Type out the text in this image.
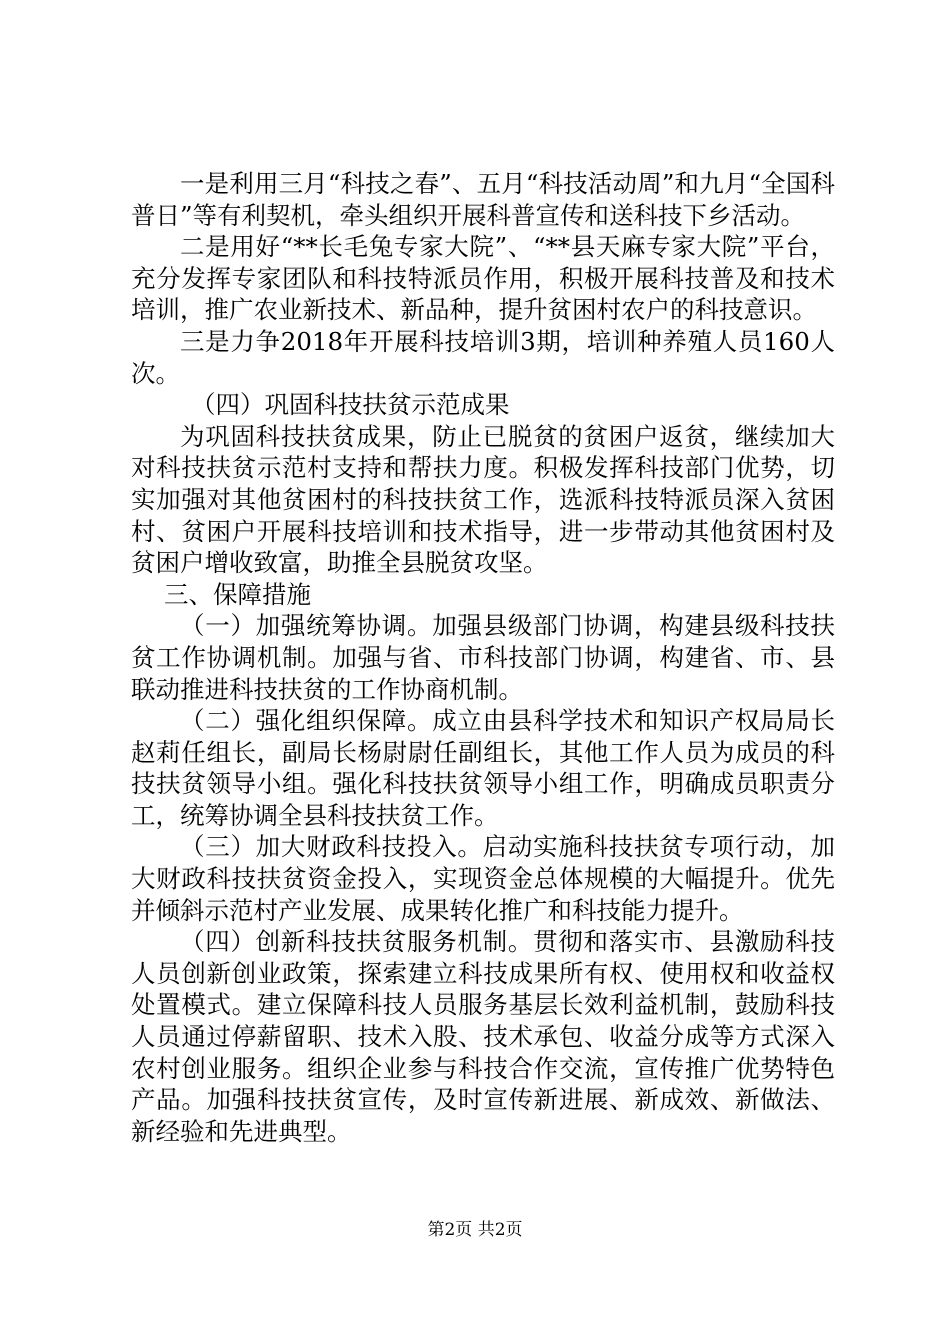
一是利用三月“科技之春”、五月“科技活动周”和九月“全国科普日”等有利契机，牵头组织开展科普宣传和送科技下乡活动。

二是用好“**长毛兔专家大院”、“**县天麻专家大院”平台，充分发挥专家团队和科技特派员作用，积极开展科技普及和技术培训，推广农业新技术、新品种，提升贫困村农户的科技意识。

三是力争2018年开展科技培训3期，培训种养殖人员160人次。

（四）巩固科技扶贫示范成果

为巩固科技扶贫成果，防止已脱贫的贫困户返贫，继续加大对科技扶贫示范村支持和帮扶力度。积极发挥科技部门优势，切实加强对其他贫困村的科技扶贫工作，选派科技特派员深入贫困村、贫困户开展科技培训和技术指导，进一步带动其他贫困村及贫困户增收致富，助推全县脱贫攻坚。

三、保障措施

（一）加强统筹协调。加强县级部门协调，构建县级科技扶贫工作协调机制。加强与省、市科技部门协调，构建省、市、县联动推进科技扶贫的工作协商机制。

（二）强化组织保障。成立由县科学技术和知识产权局局长赵莉任组长，副局长杨尉尉任副组长，其他工作人员为成员的科技扶贫领导小组。强化科技扶贫领导小组工作，明确成员职责分工，统筹协调全县科技扶贫工作。

（三）加大财政科技投入。启动实施科技扶贫专项行动，加大财政科技扶贫资金投入，实现资金总体规模的大幅提升。优先并倾斜示范村产业发展、成果转化推广和科技能力提升。

（四）创新科技扶贫服务机制。贯彻和落实市、县激励科技人员创新创业政策，探索建立科技成果所有权、使用权和收益权处置模式。建立保障科技人员服务基层长效利益机制，鼓励科技人员通过停薪留职、技术入股、技术承包、收益分成等方式深入农村创业服务。组织企业参与科技合作交流，宣传推广优势特色产品。加强科技扶贫宣传，及时宣传新进展、新成效、新做法、新经验和先进典型。

第2页 共2页
